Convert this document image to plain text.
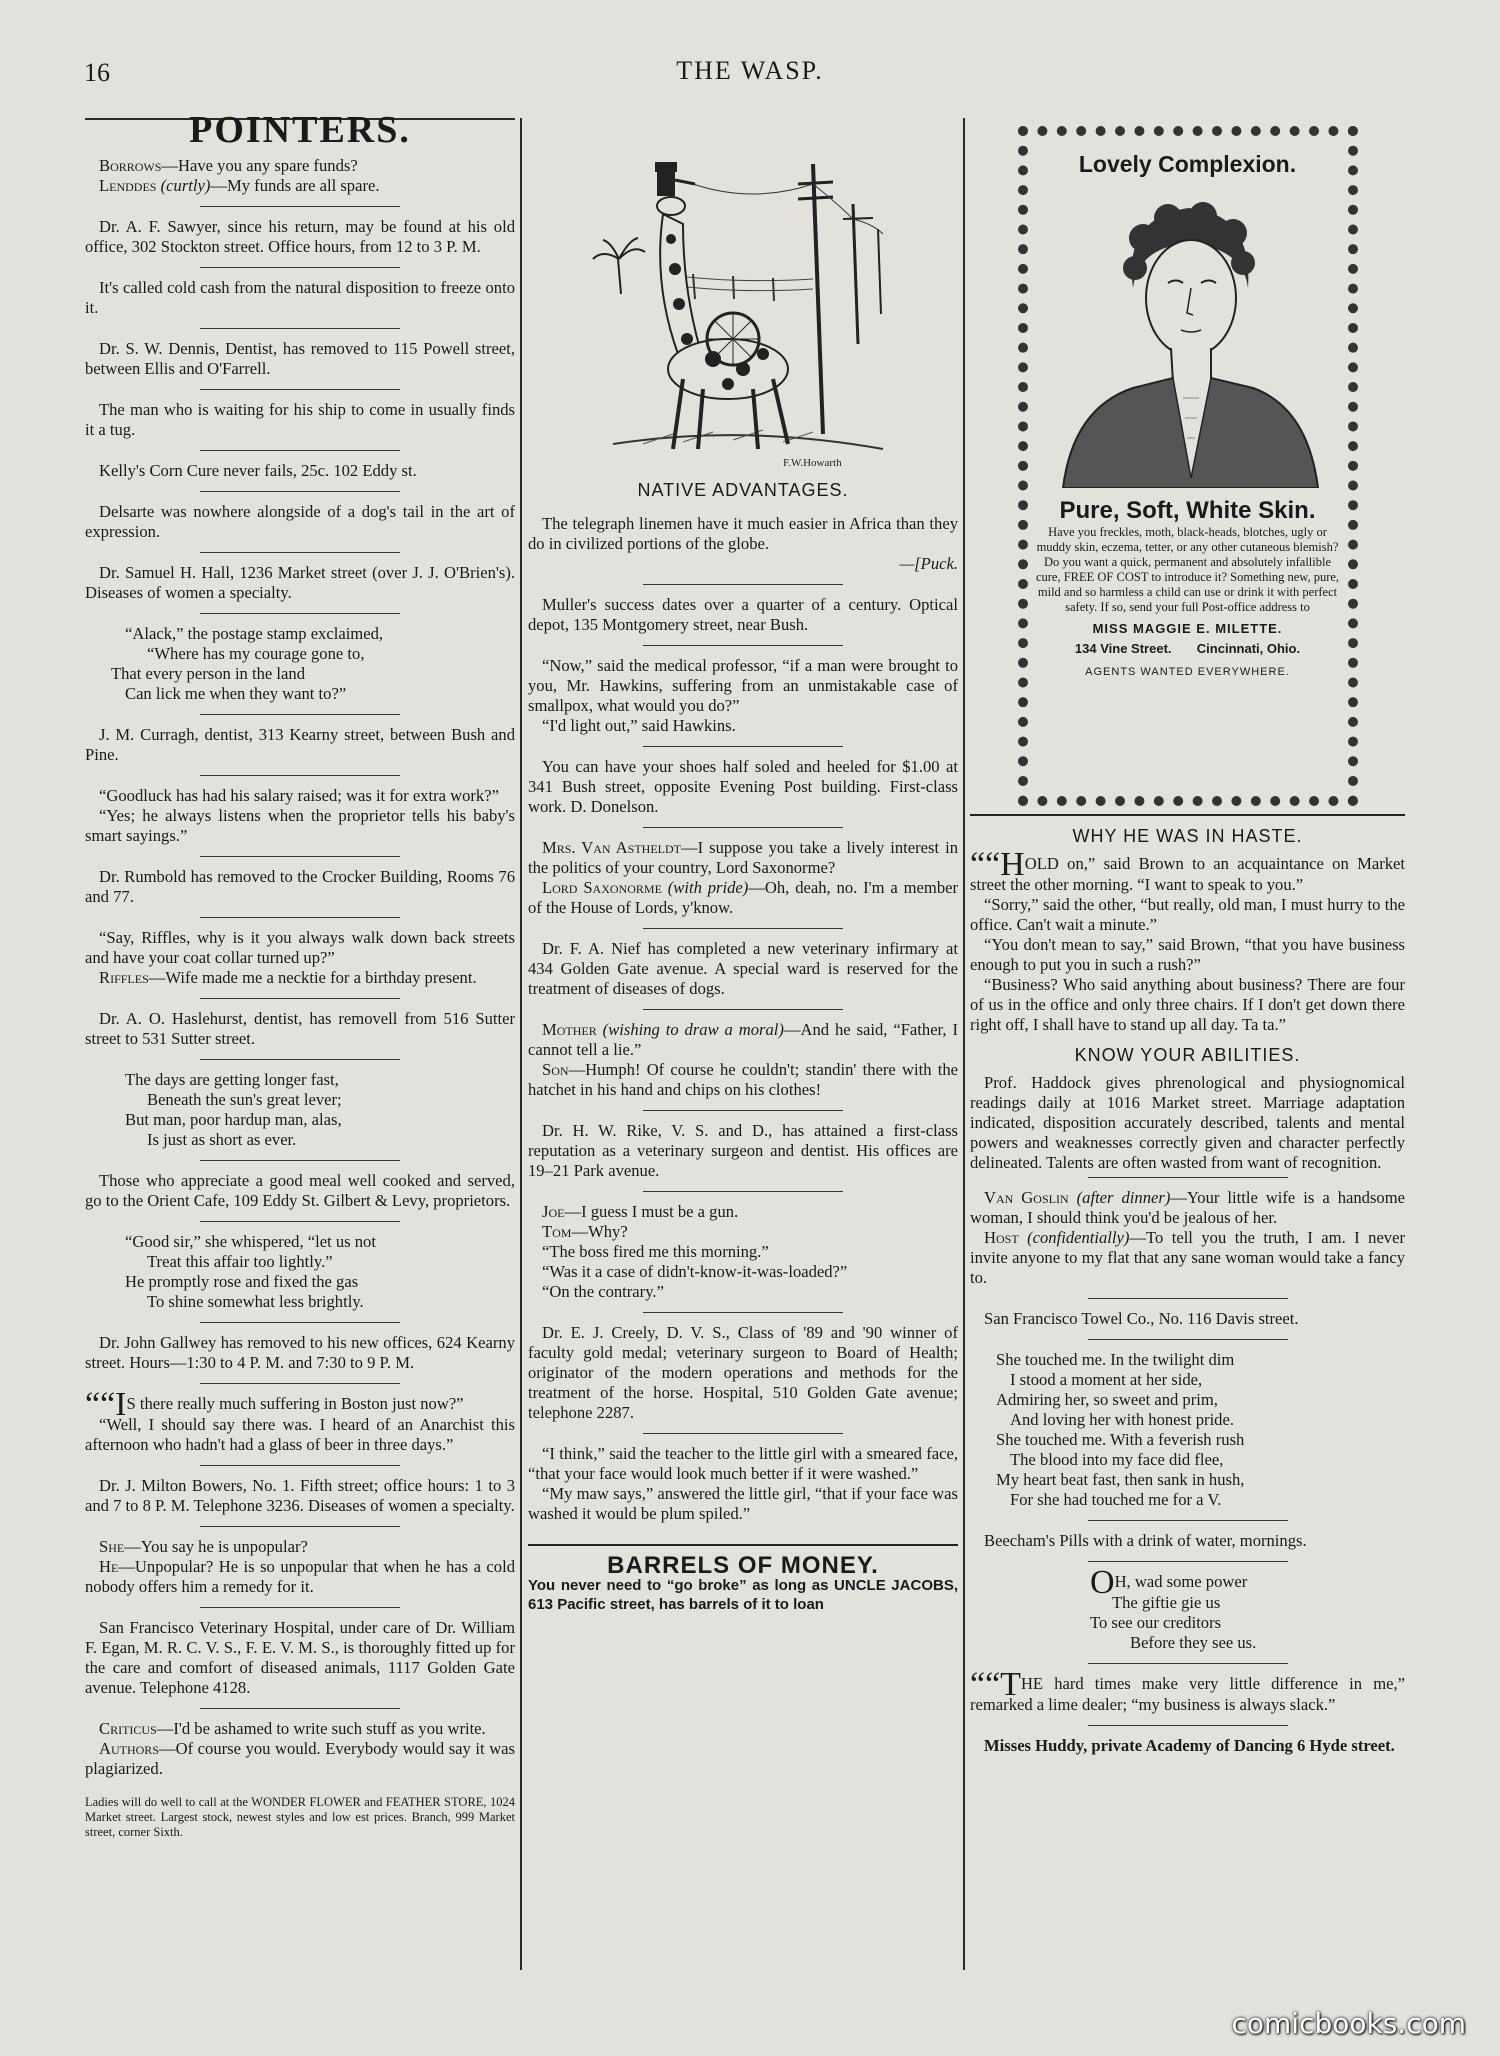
16	THE WASP.
POINTERS.

Borrows—Have you any spare funds?

Lenddes (curtly)—My funds are all spare.

Dr. A. F. Sawyer, since his return, may be found at his old office, 302 Stockton street. Office hours, from 12 to 3 P. M.

It's called cold cash from the natural disposition to freeze onto it.

Dr. S. W. Dennis, Dentist, has removed to 115 Powell street, between Ellis and O'Farrell.

The man who is waiting for his ship to come in usually finds it a tug.

Kelly's Corn Cure never fails, 25c. 102 Eddy st.

Delsarte was nowhere alongside of a dog's tail in the art of expression.

Dr. Samuel H. Hall, 1236 Market street (over J. J. O'Brien's). Diseases of women a specialty.

“Alack,” the postage stamp exclaimed,
“Where has my courage gone to,
That every person in the land
Can lick me when they want to?”

J. M. Curragh, dentist, 313 Kearny street, between Bush and Pine.

“Goodluck has had his salary raised; was it for extra work?”

“Yes; he always listens when the proprietor tells his baby's smart sayings.”

Dr. Rumbold has removed to the Crocker Building, Rooms 76 and 77.

“Say, Riffles, why is it you always walk down back streets and have your coat collar turned up?”

Riffles—Wife made me a necktie for a birthday present.

Dr. A. O. Haslehurst, dentist, has removell from 516 Sutter street to 531 Sutter street.

The days are getting longer fast,
Beneath the sun's great lever;
But man, poor hardup man, alas,
Is just as short as ever.

Those who appreciate a good meal well cooked and served, go to the Orient Cafe, 109 Eddy St. Gilbert & Levy, proprietors.

“Good sir,” she whispered, “let us not
Treat this affair too lightly.”
He promptly rose and fixed the gas
To shine somewhat less brightly.

Dr. John Gallwey has removed to his new offices, 624 Kearny street. Hours—1:30 to 4 P. M. and 7:30 to 9 P. M.

““IS there really much suffering in Boston just now?”

“Well, I should say there was. I heard of an Anarchist this afternoon who hadn't had a glass of beer in three days.”

Dr. J. Milton Bowers, No. 1. Fifth street; office hours: 1 to 3 and 7 to 8 P. M. Telephone 3236. Diseases of women a specialty.

She—You say he is unpopular?

He—Unpopular? He is so unpopular that when he has a cold nobody offers him a remedy for it.

San Francisco Veterinary Hospital, under care of Dr. William F. Egan, M. R. C. V. S., F. E. V. M. S., is thoroughly fitted up for the care and comfort of diseased animals, 1117 Golden Gate avenue. Telephone 4128.

Criticus—I'd be ashamed to write such stuff as you write.

Authors—Of course you would. Everybody would say it was plagiarized.

Ladies will do well to call at the WONDER FLOWER and FEATHER STORE, 1024 Market street. Largest stock, newest styles and low est prices. Branch, 999 Market street, corner Sixth.

F.W.Howarth
NATIVE ADVANTAGES.

The telegraph linemen have it much easier in Africa than they do in civilized portions of the globe.

—[Puck.

Muller's success dates over a quarter of a century. Optical depot, 135 Montgomery street, near Bush.

“Now,” said the medical professor, “if a man were brought to you, Mr. Hawkins, suffering from an unmistakable case of smallpox, what would you do?”

“I'd light out,” said Hawkins.

You can have your shoes half soled and heeled for $1.00 at 341 Bush street, opposite Evening Post building. First-class work. D. Donelson.

Mrs. Van Astheldt—I suppose you take a lively interest in the politics of your country, Lord Saxonorme?

Lord Saxonorme (with pride)—Oh, deah, no. I'm a member of the House of Lords, y'know.

Dr. F. A. Nief has completed a new veterinary infirmary at 434 Golden Gate avenue. A special ward is reserved for the treatment of diseases of dogs.

Mother (wishing to draw a moral)—And he said, “Father, I cannot tell a lie.”

Son—Humph! Of course he couldn't; standin' there with the hatchet in his hand and chips on his clothes!

Dr. H. W. Rike, V. S. and D., has attained a first-class reputation as a veterinary surgeon and dentist. His offices are 19–21 Park avenue.

Joe—I guess I must be a gun.

Tom—Why?

“The boss fired me this morning.”

“Was it a case of didn't-know-it-was-loaded?”

“On the contrary.”

Dr. E. J. Creely, D. V. S., Class of '89 and '90 winner of faculty gold medal; veterinary surgeon to Board of Health; originator of the modern operations and methods for the treatment of the horse. Hospital, 510 Golden Gate avenue; telephone 2287.

“I think,” said the teacher to the little girl with a smeared face, “that your face would look much better if it were washed.”

“My maw says,” answered the little girl, “that if your face was washed it would be plum spiled.”

BARRELS OF MONEY.

You never need to “go broke” as long as UNCLE JACOBS, 613 Pacific street, has barrels of it to loan

Lovely Complexion.
Pure, Soft, White Skin.
Have you freckles, moth, black-heads, blotches, ugly or muddy skin, eczema, tetter, or any other cutaneous blemish? Do you want a quick, permanent and absolutely infallible cure, FREE OF COST to introduce it? Something new, pure, mild and so harmless a child can use or drink it with perfect safety. If so, send your full Post-office address to
MISS MAGGIE E. MILETTE.
134 Vine Street.       Cincinnati, Ohio.
AGENTS WANTED EVERYWHERE.
WHY HE WAS IN HASTE.

““HOLD on,” said Brown to an acquaintance on Market street the other morning. “I want to speak to you.”

“Sorry,” said the other, “but really, old man, I must hurry to the office. Can't wait a minute.”

“You don't mean to say,” said Brown, “that you have business enough to put you in such a rush?”

“Business? Who said anything about business? There are four of us in the office and only three chairs. If I don't get down there right off, I shall have to stand up all day. Ta ta.”

KNOW YOUR ABILITIES.

Prof. Haddock gives phrenological and physiognomical readings daily at 1016 Market street. Marriage adaptation indicated, disposition accurately described, talents and mental powers and weaknesses correctly given and character perfectly delineated. Talents are often wasted from want of recognition.

Van Goslin (after dinner)—Your little wife is a handsome woman, I should think you'd be jealous of her.

Host (confidentially)—To tell you the truth, I am. I never invite anyone to my flat that any sane woman would take a fancy to.

San Francisco Towel Co., No. 116 Davis street.

She touched me. In the twilight dim
I stood a moment at her side,
Admiring her, so sweet and prim,
And loving her with honest pride.
She touched me. With a feverish rush
The blood into my face did flee,
My heart beat fast, then sank in hush,
For she had touched me for a V.

Beecham's Pills with a drink of water, mornings.

OH, wad some power
The giftie gie us
To see our creditors
Before they see us.

““THE hard times make very little difference in me,” remarked a lime dealer; “my business is always slack.”

Misses Huddy, private Academy of Dancing 6 Hyde street.

comicbooks.com
